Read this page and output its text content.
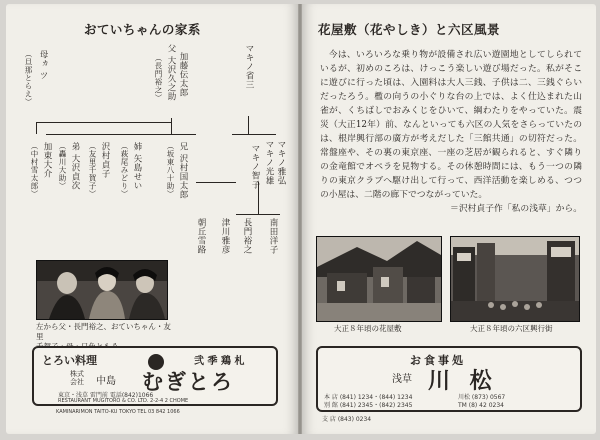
おていちゃんの家系
（旦那とらえ） 母ヵ ツ	（長門裕之） 父 大沢久之助 加藤伝太郎	マキノ省三
（中村雪太郎） 加東大介 （轟川大助） 弟 大沢貞次 （友里千賀子） 沢村貞子 （萩尾みどり） 姉 矢島せい	（坂東八十助） 兄 沢村国太郎	マキノ光雄 マキノ雅弘
マキノ智子
朝丘雪路 津川雅彦 長門裕之 南田洋子
左から父・長門裕之、おていちゃん・友里
とろい料理	弐 季 鶏 札
株式会社	中島 むぎとろ
東京・浅草 雷門前 電話(842)1066
RESTAURANT MUGITORO & CO. LTD. 2-2-4 2 CHOME
KAMINARIMON TAITO-KU TOKYO TEL 03 842 1066
花屋敷（花やしき）と六区風景

今は、いろいろな乗り物が設備され広い遊園地としてしられているが、初めのころは、けっこう楽しい遊び場だった。私がそこに遊びに行った頃は、入園料は大人三銭、子供は二、三銭ぐらいだったろう。檻の向うの小ぐりな台の上では、よく仕込まれた山雀が、くちばしでおみくじをひいて、綱わたりをやっていた。震災（大正12年）前、なんといっても六区の人気をさらっていたのは、根岸興行部の廣方が考えだした「三館共通」の切符だった。常盤座や、その裏の東京座、一座の芝居が観られると、すぐ隣りの金竜館でオペラを見物する。その休憩時間には、もう一つの隣りの東京クラブへ駆け出して行って、西洋活動を楽しめる、つつの小屋は、二階の廊下でつながっていた。

＝沢村貞子作「私の浅草」から。
大正８年頃の花屋敷	大正８年頃の六区興行街
お食事処
浅草 川 松
本 店 (841) 1234・(844) 1234
別 館 (841) 2345・(842) 2345
川松 (873) 0567
TM (8) 42 0234
支 店 (843) 0234
